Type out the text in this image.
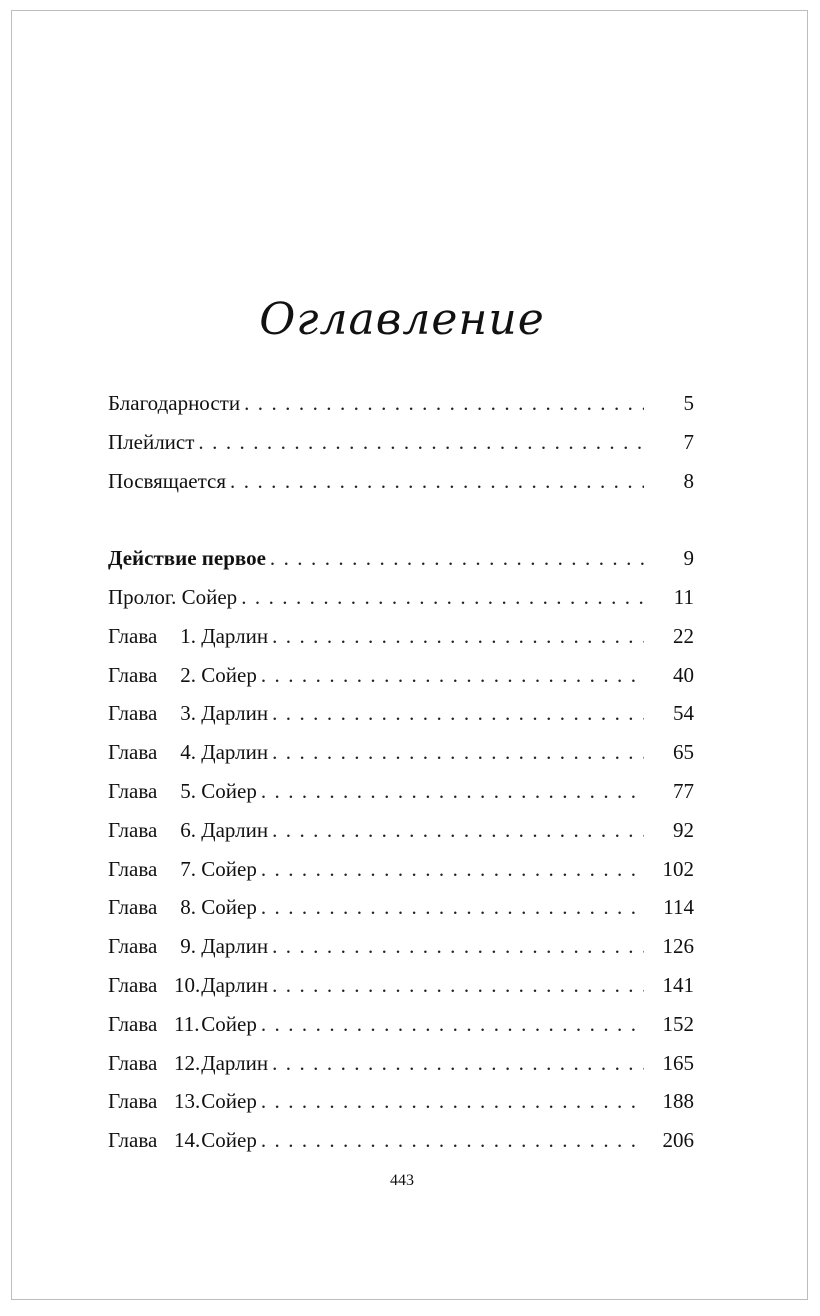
Оглавление
Благодарности . . .	5
Плейлист . . .	7
Посвящается . . .	8
Действие первое . . .	9
Пролог. Сойер . . .	11
Глава 1. Дарлин . . .	22
Глава 2. Сойер . . .	40
Глава 3. Дарлин . . .	54
Глава 4. Дарлин . . .	65
Глава 5. Сойер . . .	77
Глава 6. Дарлин . . .	92
Глава 7. Сойер . . .	102
Глава 8. Сойер . . .	114
Глава 9. Дарлин . . .	126
Глава 10. Дарлин . . .	141
Глава 11. Сойер . . .	152
Глава 12. Дарлин . . .	165
Глава 13. Сойер . . .	188
Глава 14. Сойер . . .	206
443
